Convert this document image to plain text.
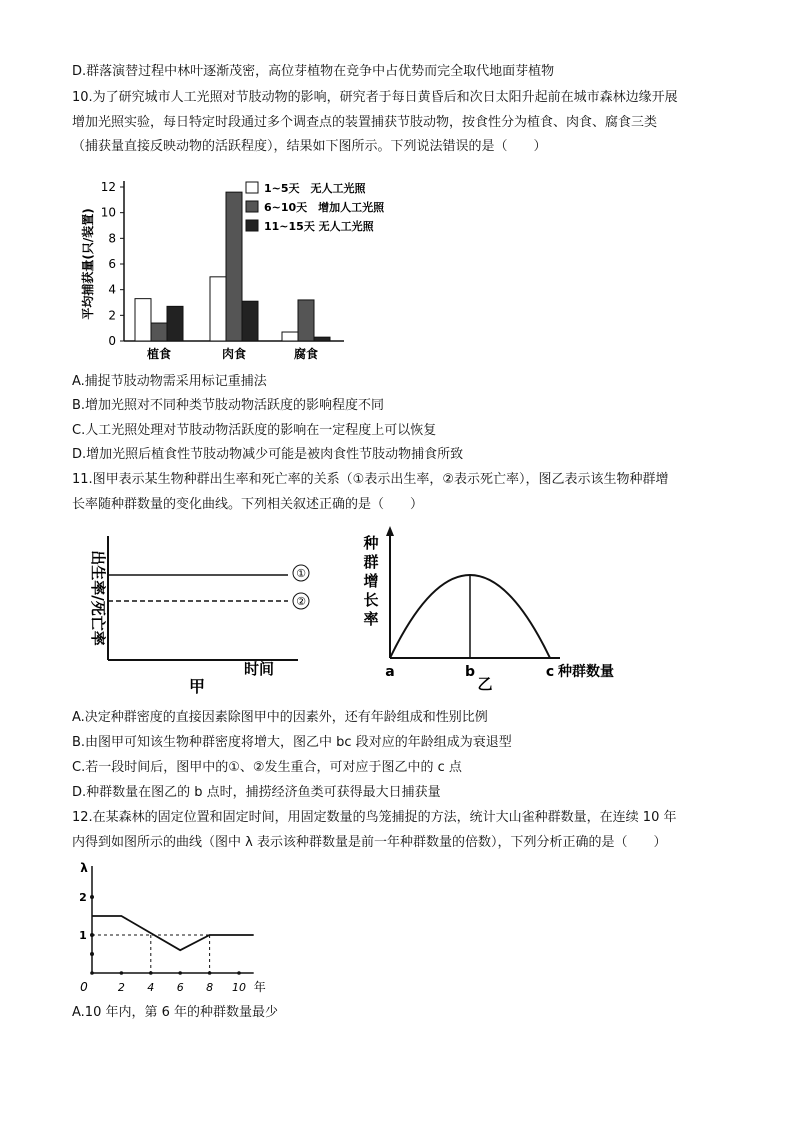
D.群落演替过程中林叶逐渐茂密，高位芽植物在竞争中占优势而完全取代地面芽植物
10.为了研究城市人工光照对节肢动物的影响，研究者于每日黄昏后和次日太阳升起前在城市森林边缘开展
增加光照实验，每日特定时段通过多个调查点的装置捕获节肢动物，按食性分为植食、肉食、腐食三类
（捕获量直接反映动物的活跃程度），结果如下图所示。下列说法错误的是（　　）
0
2
4
6
8
10
12
平均捕获量(只/装置)
植食	肉食	腐食
1~5天　无人工光照
6~10天　增加人工光照
11~15天 无人工光照
A.捕捉节肢动物需采用标记重捕法
B.增加光照对不同种类节肢动物活跃度的影响程度不同
C.人工光照处理对节肢动物活跃度的影响在一定程度上可以恢复
D.增加光照后植食性节肢动物减少可能是被肉食性节肢动物捕食所致
11.图甲表示某生物种群出生率和死亡率的关系（①表示出生率，②表示死亡率），图乙表示该生物种群增
长率随种群数量的变化曲线。下列相关叙述正确的是（　　）
①
②
出生率/死亡率
时间
甲
种
群
增
长
率
a	b	c 种群数量
乙
A.决定种群密度的直接因素除图甲中的因素外，还有年龄组成和性别比例
B.由图甲可知该生物种群密度将增大，图乙中 bc 段对应的年龄组成为衰退型
C.若一段时间后，图甲中的①、②发生重合，可对应于图乙中的 c 点
D.种群数量在图乙的 b 点时，捕捞经济鱼类可获得最大日捕获量
12.在某森林的固定位置和固定时间，用固定数量的鸟笼捕捉的方法，统计大山雀种群数量，在连续 10 年
内得到如图所示的曲线（图中 λ 表示该种群数量是前一年种群数量的倍数），下列分析正确的是（　　）
λ
1
2
0	2 4 6 8 10 年
A.10 年内，第 6 年的种群数量最少
